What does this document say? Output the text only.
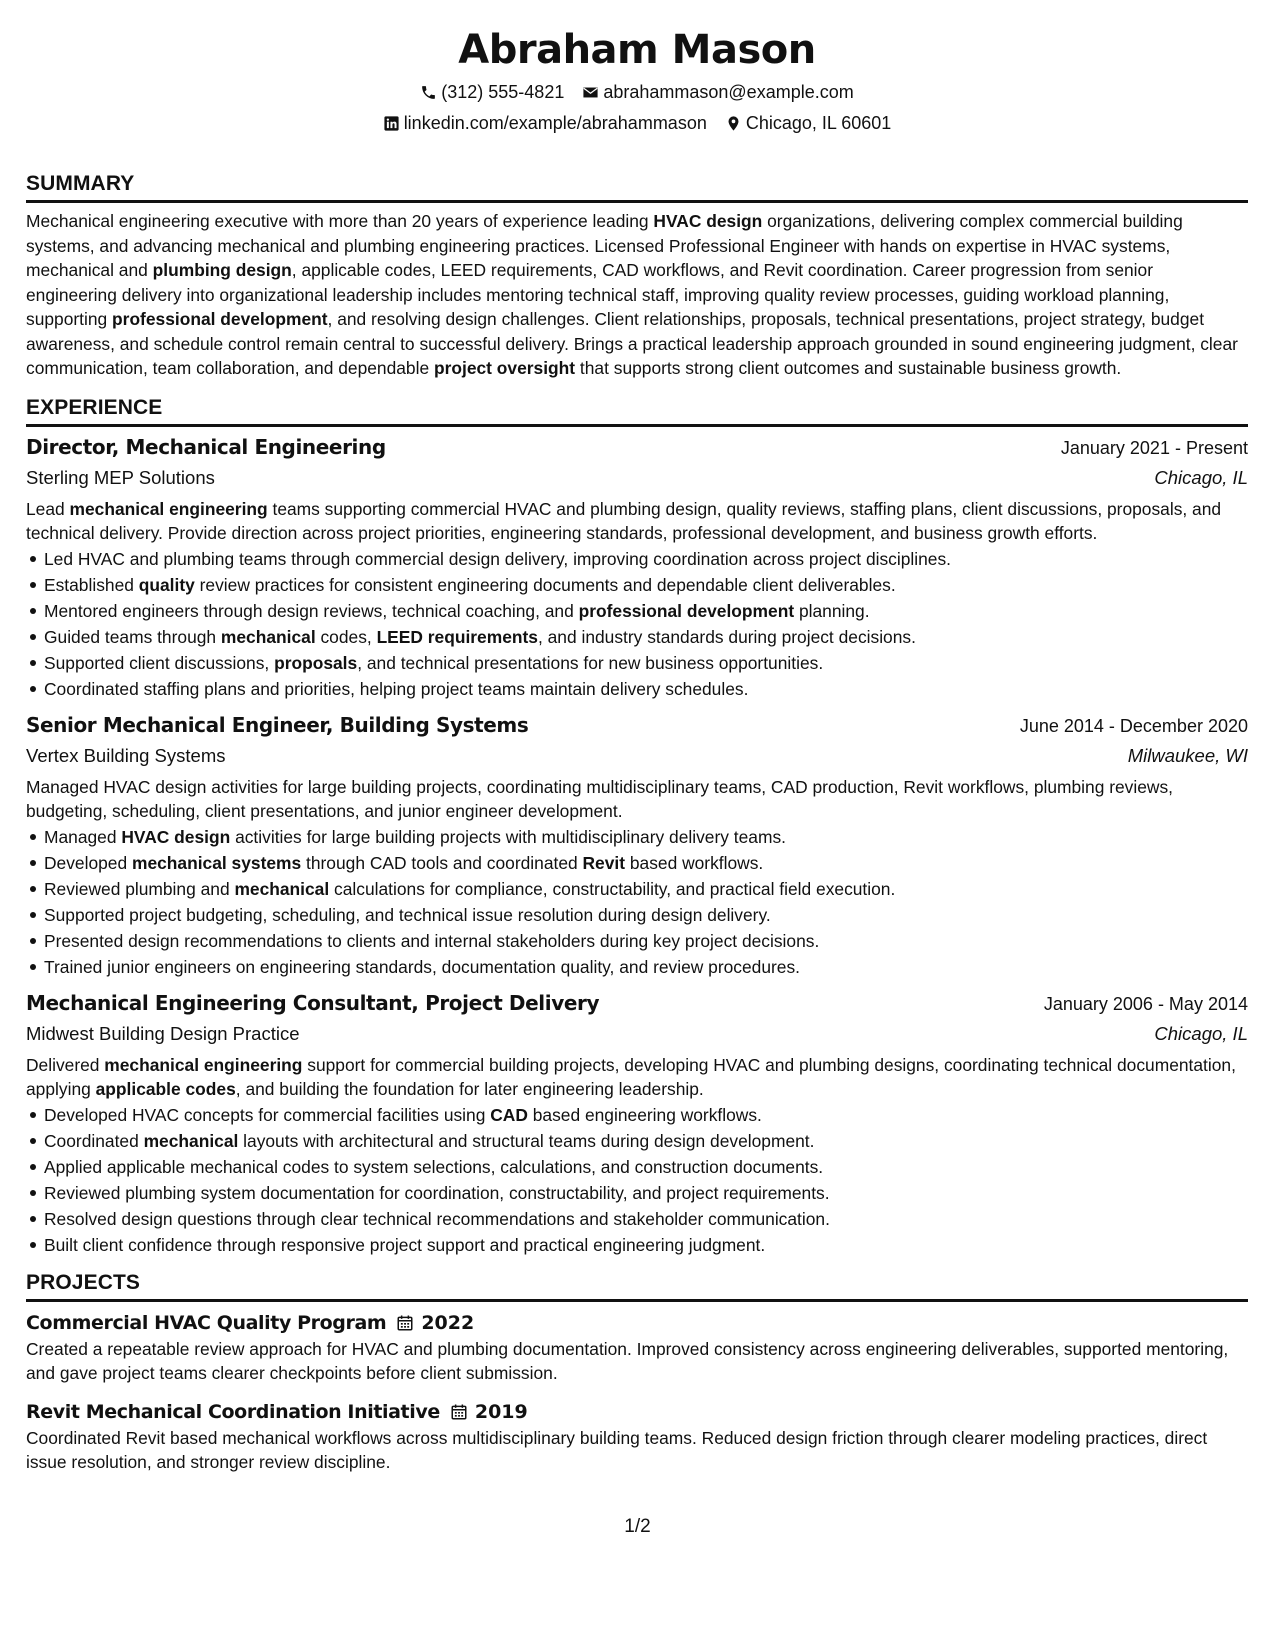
Abraham Mason
(312) 555-4821 abrahammason@example.com
linkedin.com/example/abrahammason Chicago, IL 60601
SUMMARY

Mechanical engineering executive with more than 20 years of experience leading HVAC design organizations, delivering complex commercial building systems, and advancing mechanical and plumbing engineering practices. Licensed Professional Engineer with hands on expertise in HVAC systems, mechanical and plumbing design, applicable codes, LEED requirements, CAD workflows, and Revit coordination. Career progression from senior engineering delivery into organizational leadership includes mentoring technical staff, improving quality review processes, guiding workload planning, supporting professional development, and resolving design challenges. Client relationships, proposals, technical presentations, project strategy, budget awareness, and schedule control remain central to successful delivery. Brings a practical leadership approach grounded in sound engineering judgment, clear communication, team collaboration, and dependable project oversight that supports strong client outcomes and sustainable business growth.

EXPERIENCE
Director, Mechanical Engineering	January 2021 - Present
Sterling MEP Solutions	Chicago, IL

Lead mechanical engineering teams supporting commercial HVAC and plumbing design, quality reviews, staffing plans, client discussions, proposals, and technical delivery. Provide direction across project priorities, engineering standards, professional development, and business growth efforts.

Led HVAC and plumbing teams through commercial design delivery, improving coordination across project disciplines.
Established quality review practices for consistent engineering documents and dependable client deliverables.
Mentored engineers through design reviews, technical coaching, and professional development planning.
Guided teams through mechanical codes, LEED requirements, and industry standards during project decisions.
Supported client discussions, proposals, and technical presentations for new business opportunities.
Coordinated staffing plans and priorities, helping project teams maintain delivery schedules.
Senior Mechanical Engineer, Building Systems	June 2014 - December 2020
Vertex Building Systems	Milwaukee, WI

Managed HVAC design activities for large building projects, coordinating multidisciplinary teams, CAD production, Revit workflows, plumbing reviews, budgeting, scheduling, client presentations, and junior engineer development.

Managed HVAC design activities for large building projects with multidisciplinary delivery teams.
Developed mechanical systems through CAD tools and coordinated Revit based workflows.
Reviewed plumbing and mechanical calculations for compliance, constructability, and practical field execution.
Supported project budgeting, scheduling, and technical issue resolution during design delivery.
Presented design recommendations to clients and internal stakeholders during key project decisions.
Trained junior engineers on engineering standards, documentation quality, and review procedures.
Mechanical Engineering Consultant, Project Delivery	January 2006 - May 2014
Midwest Building Design Practice	Chicago, IL

Delivered mechanical engineering support for commercial building projects, developing HVAC and plumbing designs, coordinating technical documentation, applying applicable codes, and building the foundation for later engineering leadership.

Developed HVAC concepts for commercial facilities using CAD based engineering workflows.
Coordinated mechanical layouts with architectural and structural teams during design development.
Applied applicable mechanical codes to system selections, calculations, and construction documents.
Reviewed plumbing system documentation for coordination, constructability, and project requirements.
Resolved design questions through clear technical recommendations and stakeholder communication.
Built client confidence through responsive project support and practical engineering judgment.
PROJECTS
Commercial HVAC Quality Program 2022

Created a repeatable review approach for HVAC and plumbing documentation. Improved consistency across engineering deliverables, supported mentoring, and gave project teams clearer checkpoints before client submission.

Revit Mechanical Coordination Initiative 2019

Coordinated Revit based mechanical workflows across multidisciplinary building teams. Reduced design friction through clearer modeling practices, direct issue resolution, and stronger review discipline.

1/2
